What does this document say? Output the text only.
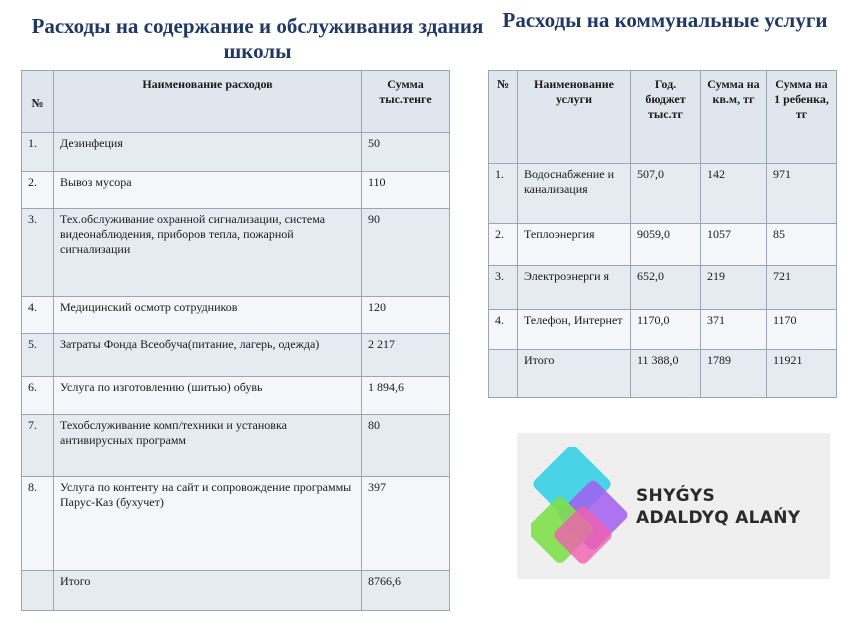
Расходы на содержание и обслуживания здания школы
Расходы на коммунальные услуги
№	Наименование расходов	Сумма тыс.тенге
1.	Дезинфеция	50
2.	Вывоз мусора	110
3.	Тех.обслуживание охранной сигнализации, система видеонаблюдения, приборов тепла, пожарной сигнализации	90
4.	Медицинский осмотр сотрудников	120
5.	Затраты Фонда Всеобуча(питание, лагерь, одежда)	2 217
6.	Услуга по изготовлению (шитью) обувь	1 894,6
7.	Техобслуживание комп/техники и установка антивирусных программ	80
8.	Услуга по контенту на сайт и сопровождение программы Парус-Каз (бухучет)	397
	Итого	8766,6
№	Наименование услуги	Год. бюджет тыс.тг	Сумма на кв.м, тг	Сумма на 1 ребенка, тг
1.	Водоснабжение и канализация	507,0	142	971
2.	Теплоэнергия	9059,0	1057	85
3.	Электроэнерги я	652,0	219	721
4.	Телефон, Интернет	1170,0	371	1170
	Итого	11 388,0	1789	11921
SHYǴYS
ADALDYQ ALAŃY
